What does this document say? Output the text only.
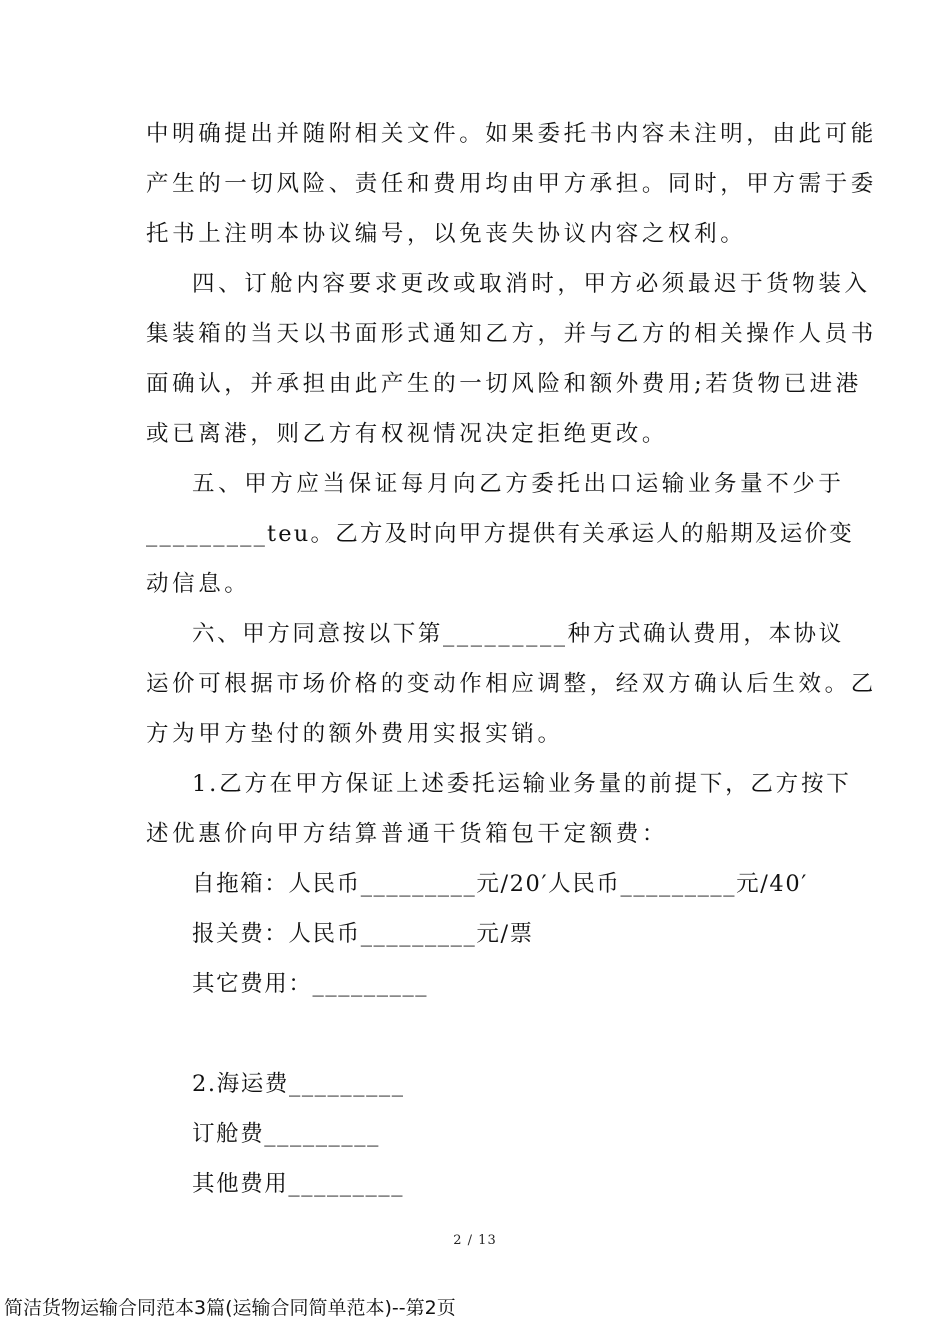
中明确提出并随附相关文件。如果委托书内容未注明，由此可能
产生的一切风险、责任和费用均由甲方承担。同时，甲方需于委
托书上注明本协议编号，以免丧失协议内容之权利。
四、订舱内容要求更改或取消时，甲方必须最迟于货物装入
集装箱的当天以书面形式通知乙方，并与乙方的相关操作人员书
面确认，并承担由此产生的一切风险和额外费用;若货物已进港
或已离港，则乙方有权视情况决定拒绝更改。
五、甲方应当保证每月向乙方委托出口运输业务量不少于
_________teu。乙方及时向甲方提供有关承运人的船期及运价变
动信息。
六、甲方同意按以下第_________种方式确认费用，本协议
运价可根据市场价格的变动作相应调整，经双方确认后生效。乙
方为甲方垫付的额外费用实报实销。
1.乙方在甲方保证上述委托运输业务量的前提下，乙方按下
述优惠价向甲方结算普通干货箱包干定额费：
自拖箱：人民币_________元/20′人民币_________元/40′
报关费：人民币_________元/票
其它费用：_________
2.海运费_________
订舱费_________
其他费用_________
2 / 13
简洁货物运输合同范本3篇(运输合同简单范本)--第2页
